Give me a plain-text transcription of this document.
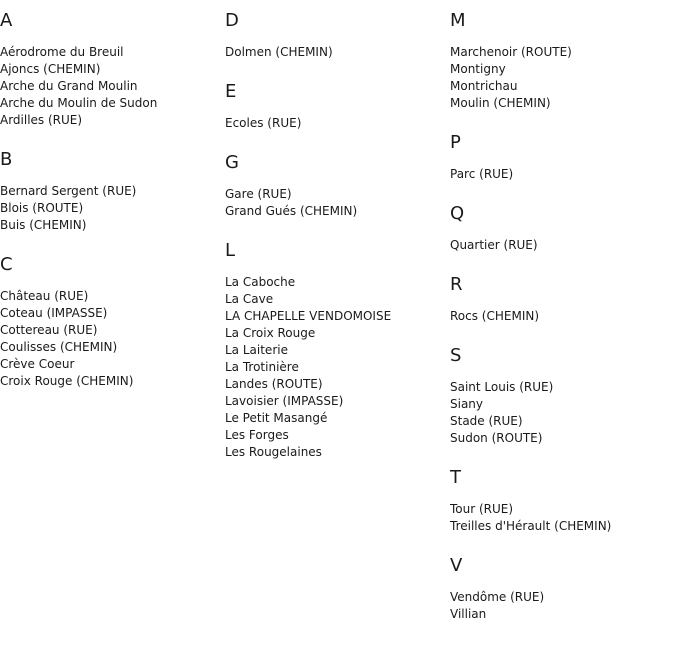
A
Aérodrome du Breuil
Ajoncs (CHEMIN)
Arche du Grand Moulin
Arche du Moulin de Sudon
Ardilles (RUE)
B
Bernard Sergent (RUE)
Blois (ROUTE)
Buis (CHEMIN)
C
Château (RUE)
Coteau (IMPASSE)
Cottereau (RUE)
Coulisses (CHEMIN)
Crève Coeur
Croix Rouge (CHEMIN)
D
Dolmen (CHEMIN)
E
Ecoles (RUE)
G
Gare (RUE)
Grand Gués (CHEMIN)
L
La Caboche
La Cave
LA CHAPELLE VENDOMOISE
La Croix Rouge
La Laiterie
La Trotinière
Landes (ROUTE)
Lavoisier (IMPASSE)
Le Petit Masangé
Les Forges
Les Rougelaines
M
Marchenoir (ROUTE)
Montigny
Montrichau
Moulin (CHEMIN)
P
Parc (RUE)
Q
Quartier (RUE)
R
Rocs (CHEMIN)
S
Saint Louis (RUE)
Siany
Stade (RUE)
Sudon (ROUTE)
T
Tour (RUE)
Treilles d'Hérault (CHEMIN)
V
Vendôme (RUE)
Villian
